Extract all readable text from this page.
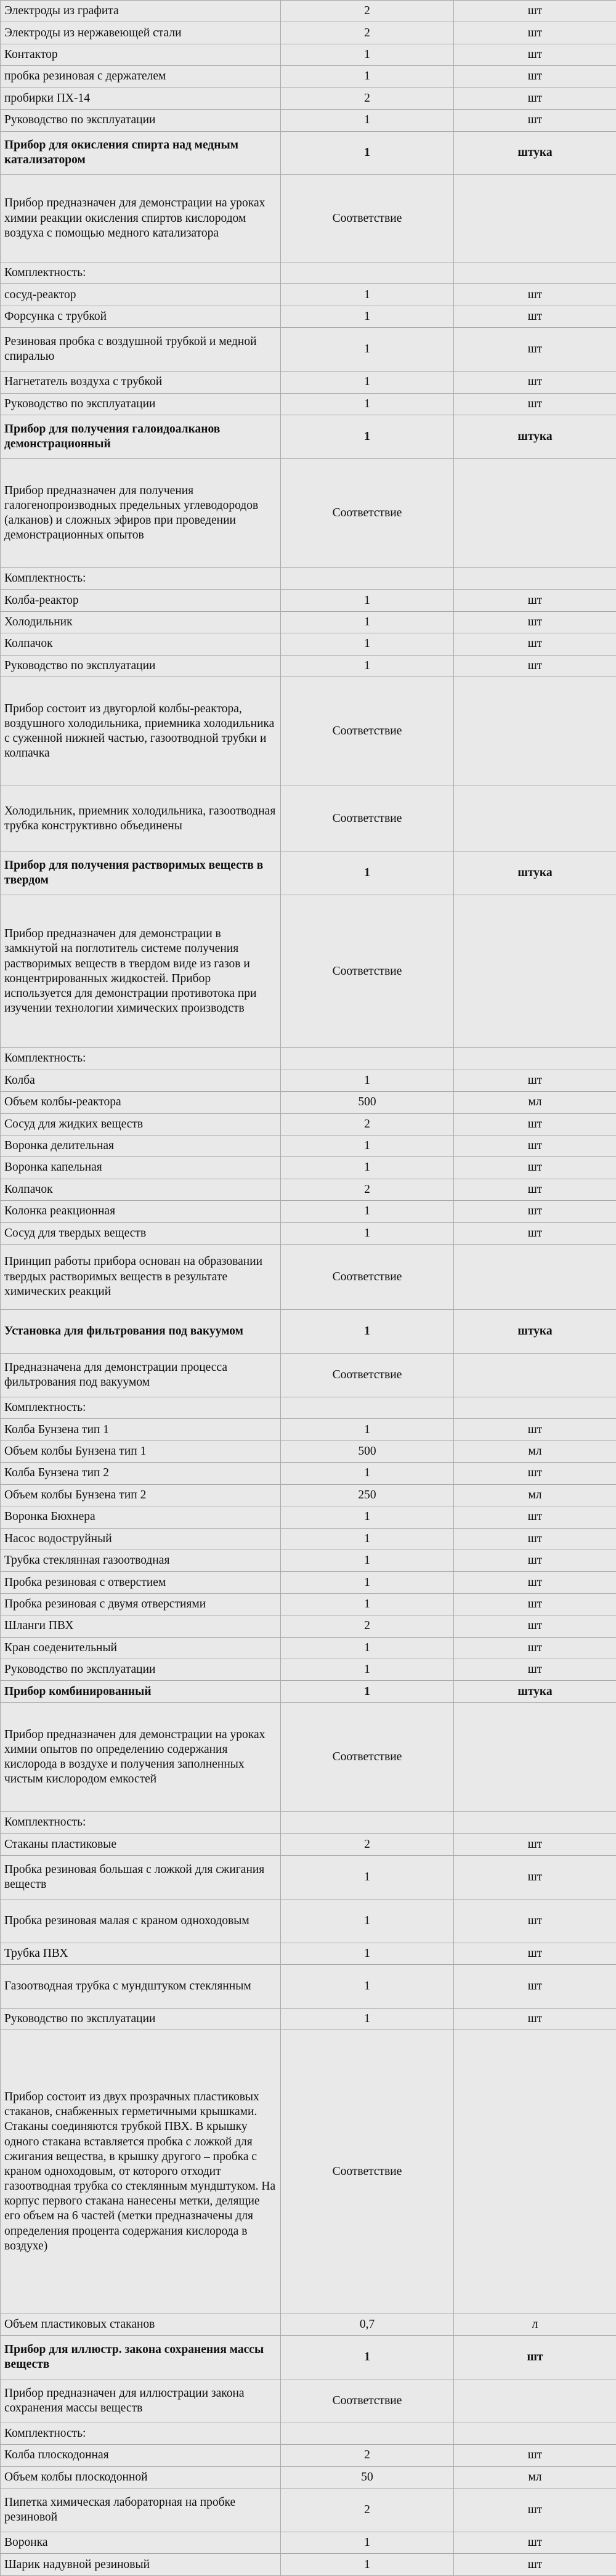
Электроды из графита	2	шт
Электроды из нержавеющей стали	2	шт
Контактор	1	шт
пробка резиновая с держателем	1	шт
пробирки ПХ-14	2	шт
Руководство по эксплуатации	1	шт
Прибор для окисления спирта над медным катализатором	1	штука
Прибор предназначен для демонстрации на уроках химии реакции окисления спиртов кислородом воздуха с помощью медного катализатора	Соответствие	
Комплектность:		
сосуд-реактор	1	шт
Форсунка с трубкой	1	шт
Резиновая пробка с воздушной трубкой и медной спиралью	1	шт
Нагнетатель воздуха с трубкой	1	шт
Руководство по эксплуатации	1	шт
Прибор для получения галоидоалканов демонстрационный	1	штука
Прибор предназначен для получения галогенопроизводных предельных углеводородов (алканов) и сложных эфиров при проведении демонстрационных опытов	Соответствие	
Комплектность:		
Колба-реактор	1	шт
Холодильник	1	шт
Колпачок	1	шт
Руководство по эксплуатации	1	шт
Прибор состоит из двугорлой колбы-реактора, воздушного холодильника, приемника холодильника с суженной нижней частью, газоотводной трубки и колпачка	Соответствие	
Холодильник, приемник холодильника, газоотводная трубка конструктивно объединены	Соответствие	
Прибор для получения растворимых веществ в твердом	1	штука
Прибор предназначен для демонстрации в замкнутой на поглотитель системе получения растворимых веществ в твердом виде из газов и концентрированных жидкостей. Прибор используется для демонстрации противотока при изучении технологии химических производств	Соответствие	
Комплектность:		
Колба	1	шт
Объем колбы-реактора	500	мл
Сосуд для жидких веществ	2	шт
Воронка делительная	1	шт
Воронка капельная	1	шт
Колпачок	2	шт
Колонка реакционная	1	шт
Сосуд для твердых веществ	1	шт
Принцип работы прибора основан на образовании твердых растворимых веществ в результате химических реакций	Соответствие	
Установка для фильтрования под вакуумом	1	штука
Предназначена для демонстрации процесса фильтрования под вакуумом	Соответствие	
Комплектность:		
Колба Бунзена тип 1	1	шт
Объем колбы Бунзена тип 1	500	мл
Колба Бунзена тип 2	1	шт
Объем колбы Бунзена тип 2	250	мл
Воронка Бюхнера	1	шт
Насос водоструйный	1	шт
Трубка стеклянная газоотводная	1	шт
Пробка резиновая с отверстием	1	шт
Пробка резиновая с двумя отверстиями	1	шт
Шланги ПВХ	2	шт
Кран соеденительный	1	шт
Руководство по эксплуатации	1	шт
Прибор комбинированный	1	штука
Прибор предназначен для демонстрации на уроках химии опытов по определению содержания кислорода в воздухе и получения заполненных чистым кислородом емкостей	Соответствие	
Комплектность:		
Стаканы пластиковые	2	шт
Пробка резиновая большая с ложкой для сжигания веществ	1	шт
Пробка резиновая малая с краном одноходовым	1	шт
Трубка ПВХ	1	шт
Газоотводная трубка с мундштуком стеклянным	1	шт
Руководство по эксплуатации	1	шт
Прибор состоит из двух прозрачных пластиковых стаканов, снабженных герметичными крышками. Стаканы соединяются трубкой ПВХ. В крышку одного стакана вставляется пробка с ложкой для сжигания вещества, в крышку другого – пробка с краном одноходовым, от которого отходит газоотводная трубка со стеклянным мундштуком. На корпус первого стакана нанесены метки, делящие его объем на 6 частей (метки предназначены для определения процента содержания кислорода в воздухе)	Соответствие	
Объем пластиковых стаканов	0,7	л
Прибор для иллюстр. закона сохранения массы веществ	1	шт
Прибор предназначен для иллюстрации закона сохранения массы веществ	Соответствие	
Комплектность:		
Колба плоскодонная	2	шт
Объем колбы плоскодонной	50	мл
Пипетка химическая лабораторная на пробке резиновой	2	шт
Воронка	1	шт
Шарик надувной резиновый	1	шт
